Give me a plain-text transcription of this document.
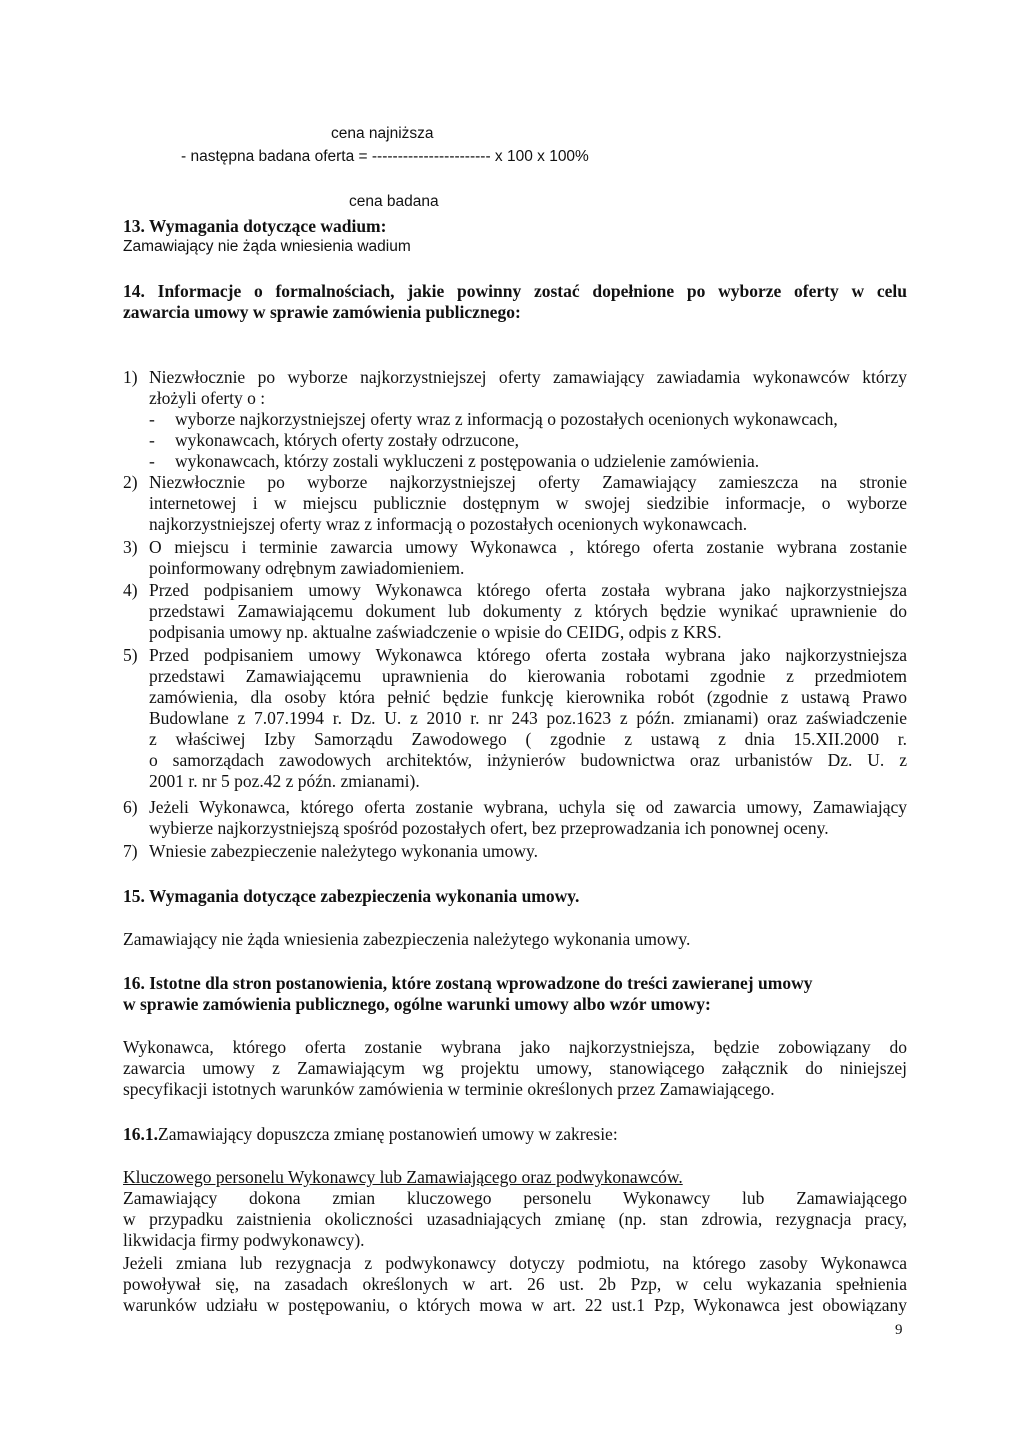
cena najniższa
- następna badana oferta = ----------------------- x 100 x 100%
cena badana
13. Wymagania dotyczące wadium:
Zamawiający nie żąda wniesienia wadium
14. Informacje o formalnościach, jakie powinny zostać dopełnione po wyborze oferty w celu
zawarcia umowy w sprawie zamówienia publicznego:
1) Niezwłocznie po wyborze najkorzystniejszej oferty zamawiający zawiadamia wykonawców którzy
złożyli oferty o :
- wyborze najkorzystniejszej oferty wraz z informacją o pozostałych ocenionych wykonawcach,
- wykonawcach, których oferty zostały odrzucone,
- wykonawcach, którzy zostali wykluczeni z postępowania o udzielenie zamówienia.
2) Niezwłocznie po wyborze najkorzystniejszej oferty Zamawiający zamieszcza na stronie
internetowej i w miejscu publicznie dostępnym w swojej siedzibie informacje, o wyborze
najkorzystniejszej oferty wraz z informacją o pozostałych ocenionych wykonawcach.
3) O miejscu i terminie zawarcia umowy Wykonawca , którego oferta zostanie wybrana zostanie
poinformowany odrębnym zawiadomieniem.
4) Przed podpisaniem umowy Wykonawca którego oferta została wybrana jako najkorzystniejsza
przedstawi Zamawiającemu dokument lub dokumenty z których będzie wynikać uprawnienie do
podpisania umowy np. aktualne zaświadczenie o wpisie do CEIDG, odpis z KRS.
5) Przed podpisaniem umowy Wykonawca którego oferta została wybrana jako najkorzystniejsza
przedstawi Zamawiającemu uprawnienia do kierowania robotami zgodnie z przedmiotem
zamówienia, dla osoby która pełnić będzie funkcję kierownika robót (zgodnie z ustawą Prawo
Budowlane z 7.07.1994 r. Dz. U. z 2010 r. nr 243 poz.1623 z późn. zmianami) oraz zaświadczenie
z właściwej Izby Samorządu Zawodowego ( zgodnie z ustawą z dnia 15.XII.2000 r.
o samorządach zawodowych architektów, inżynierów budownictwa oraz urbanistów Dz. U. z
2001 r. nr 5 poz.42 z późn. zmianami).
6) Jeżeli Wykonawca, którego oferta zostanie wybrana, uchyla się od zawarcia umowy, Zamawiający
wybierze najkorzystniejszą spośród pozostałych ofert, bez przeprowadzania ich ponownej oceny.
7) Wniesie zabezpieczenie należytego wykonania umowy.
15. Wymagania dotyczące zabezpieczenia wykonania umowy.
Zamawiający nie żąda wniesienia zabezpieczenia należytego wykonania umowy.
16. Istotne dla stron postanowienia, które zostaną wprowadzone do treści zawieranej umowy
w sprawie zamówienia publicznego, ogólne warunki umowy albo wzór umowy:
Wykonawca, którego oferta zostanie wybrana jako najkorzystniejsza, będzie zobowiązany do
zawarcia umowy z Zamawiającym wg projektu umowy, stanowiącego załącznik do niniejszej
specyfikacji istotnych warunków zamówienia w terminie określonych przez Zamawiającego.
16.1.Zamawiający dopuszcza zmianę postanowień umowy w zakresie:
Kluczowego personelu Wykonawcy lub Zamawiającego oraz podwykonawców.
Zamawiający dokona zmian kluczowego personelu Wykonawcy lub Zamawiającego
w przypadku zaistnienia okoliczności uzasadniających zmianę (np. stan zdrowia, rezygnacja pracy,
likwidacja firmy podwykonawcy).
Jeżeli zmiana lub rezygnacja z podwykonawcy dotyczy podmiotu, na którego zasoby Wykonawca
powoływał się, na zasadach określonych w art. 26 ust. 2b Pzp, w celu wykazania spełnienia
warunków udziału w postępowaniu, o których mowa w art. 22 ust.1 Pzp, Wykonawca jest obowiązany
9
